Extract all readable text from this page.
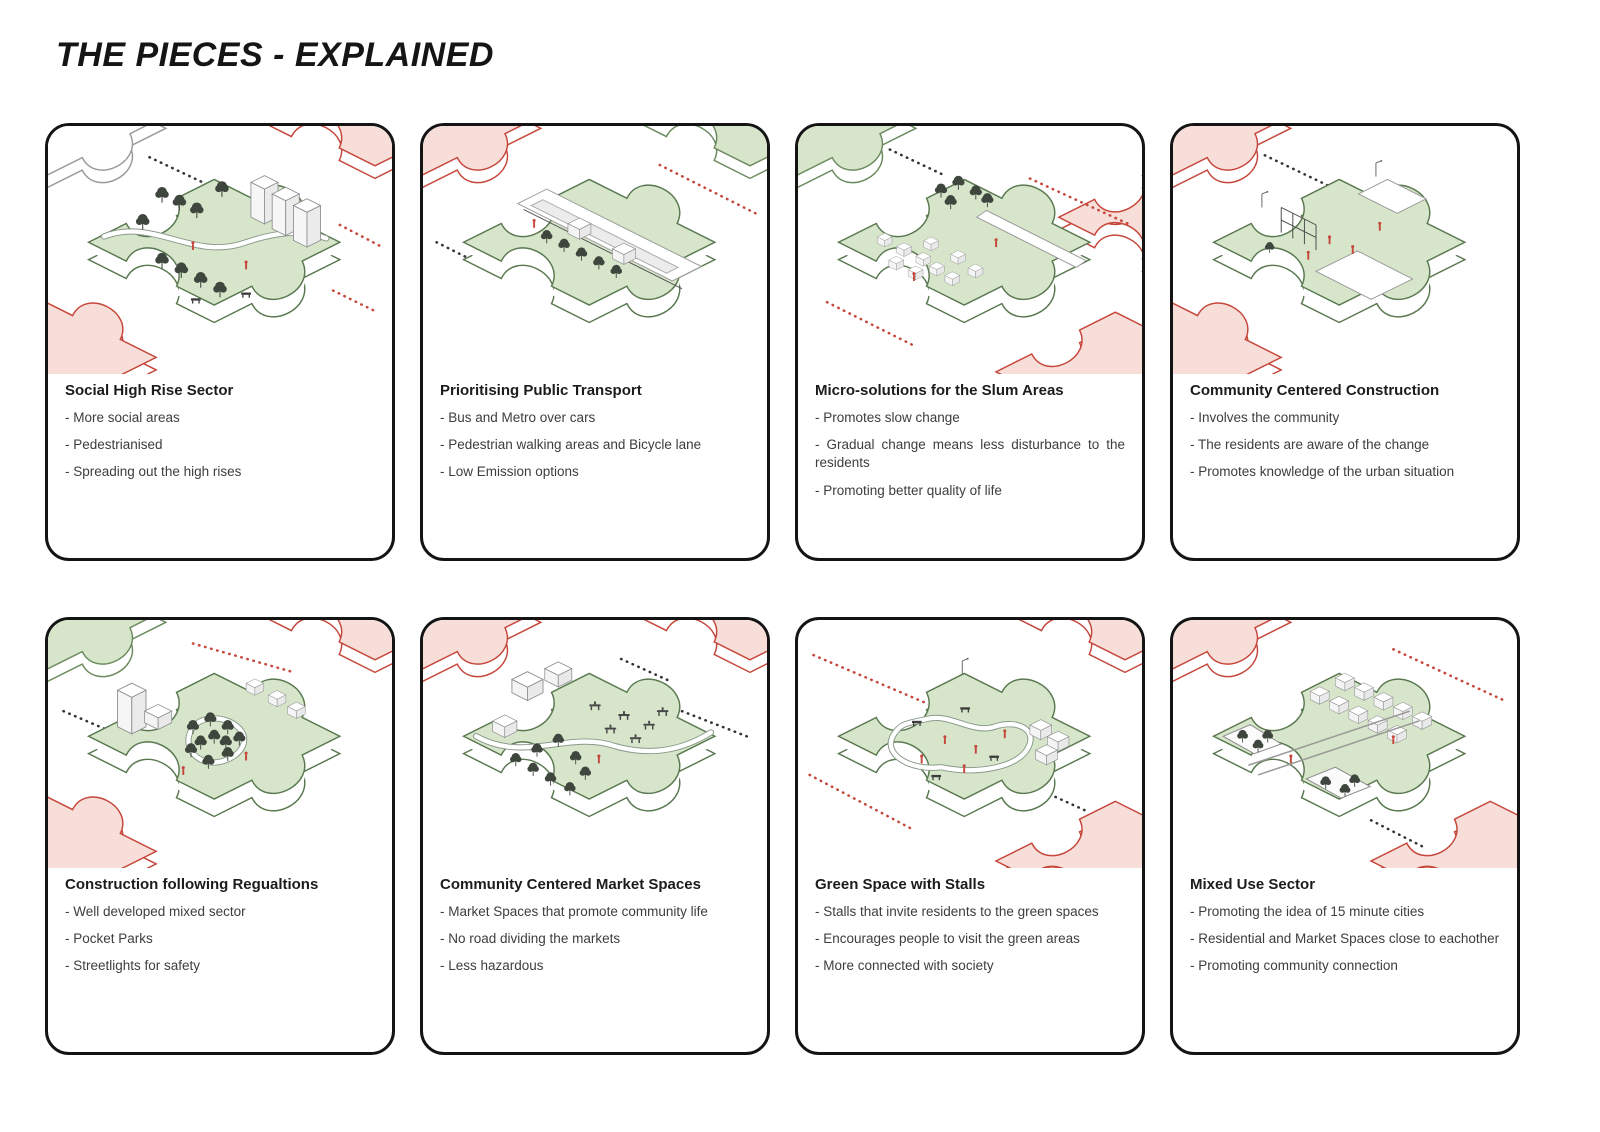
THE PIECES - EXPLAINED
Social High Rise Sector

- More social areas

- Pedestrianised

- Spreading out the high rises

Prioritising Public Transport

- Bus and Metro over cars

- Pedestrian walking areas and Bicycle lane

- Low Emission options

Micro-solutions for the Slum Areas

- Promotes slow change

- Gradual change means less disturbance to the residents

- Promoting better quality of life

Community Centered Construction

- Involves the community

- The residents are aware of the change

- Promotes knowledge of the urban situation

Construction following Regualtions

- Well developed mixed sector

- Pocket Parks

- Streetlights for safety

Community Centered Market Spaces

- Market Spaces that promote community life

- No road dividing the markets

- Less hazardous

Green Space with Stalls

- Stalls that invite residents to the green spaces

- Encourages people to visit the green areas

- More connected with society

Mixed Use Sector

- Promoting the idea of 15 minute cities

- Residential and Market Spaces close to eachother

- Promoting community connection
